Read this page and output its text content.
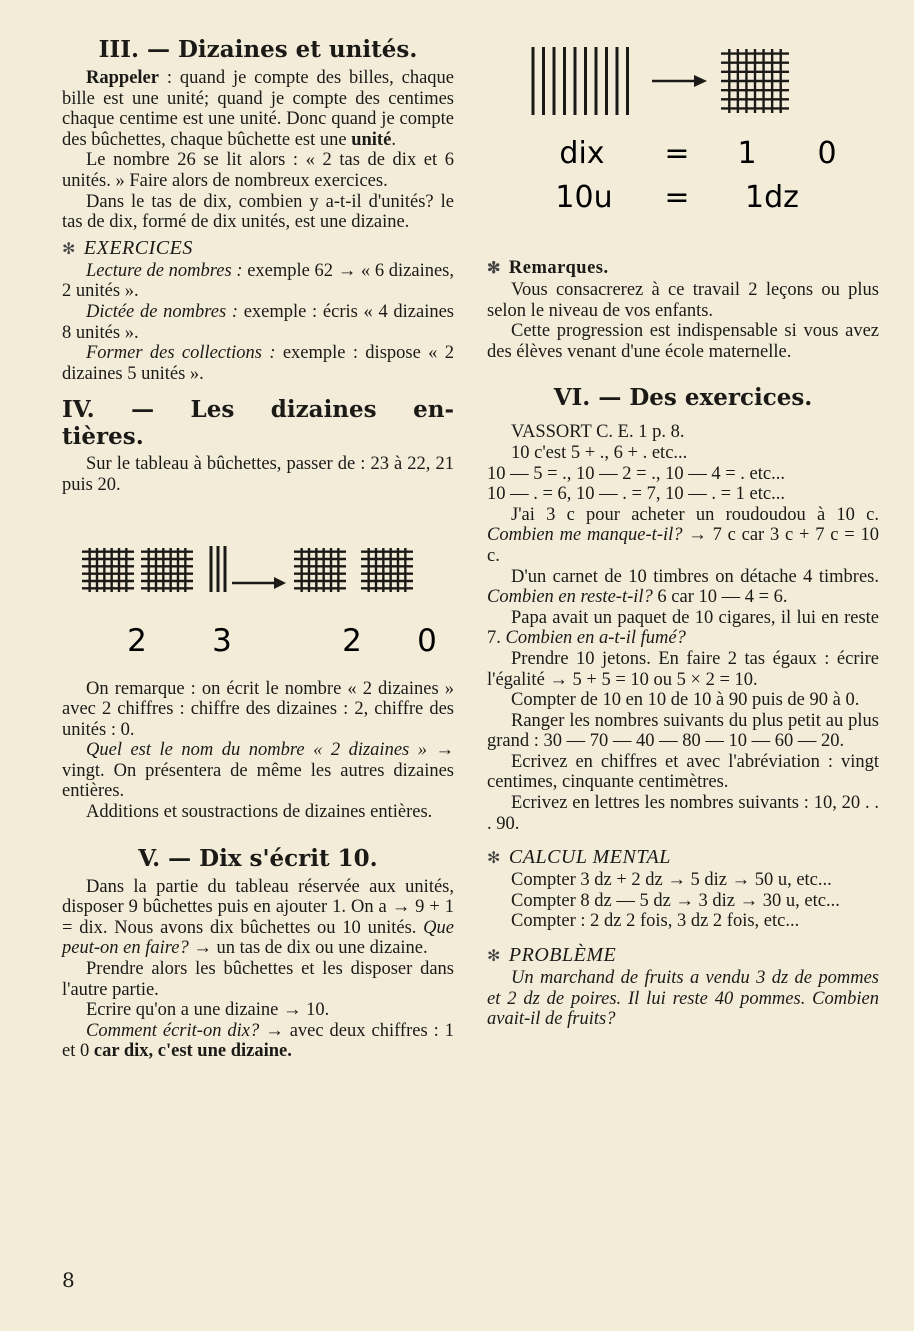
III. — Dizaines et unités.

Rappeler : quand je compte des billes, chaque bille est une unité; quand je compte des centimes chaque centime est une unité. Donc quand je compte des bûchettes, chaque bûchette est une unité.

Le nombre 26 se lit alors : « 2 tas de dix et 6 unités. » Faire alors de nombreux exercices.

Dans le tas de dix, combien y a-t-il d'unités? le tas de dix, formé de dix unités, est une dizaine.

✻ EXERCICES

Lecture de nombres : exemple 62 → « 6 dizaines, 2 unités ».

Dictée de nombres : exemple : écris « 4 dizaines 8 unités ».

Former des collections : exemple : dispose « 2 dizaines 5 unités ».

IV. — Les dizaines en-
tières.

Sur le tableau à bûchettes, passer de : 23 à 22, 21 puis 20.

2 3	2 0

On remarque : on écrit le nombre « 2 dizaines » avec 2 chiffres : chiffre des dizaines : 2, chiffre des unités : 0.

Quel est le nom du nombre « 2 dizaines » → vingt. On présentera de même les autres dizaines entières.

Additions et soustractions de dizaines entières.

V. — Dix s'écrit 10.

Dans la partie du tableau réservée aux unités, disposer 9 bûchettes puis en ajouter 1. On a → 9 + 1 = dix. Nous avons dix bûchettes ou 10 unités. Que peut-on en faire? → un tas de dix ou une dizaine.

Prendre alors les bûchettes et les disposer dans l'autre partie.

Ecrire qu'on a une dizaine → 10.

Comment écrit-on dix? → avec deux chiffres : 1 et 0 car dix, c'est une dizaine.

dix = 1 0
10u = 1dz
✻ Remarques.

Vous consacrerez à ce travail 2 leçons ou plus selon le niveau de vos enfants.

Cette progression est indispensable si vous avez des élèves venant d'une école maternelle.

VI. — Des exercices.

VASSORT C. E. 1 p. 8.

10 c'est 5 + ., 6 + . etc...

10 — 5 = ., 10 — 2 = ., 10 — 4 = . etc...

10 — . = 6, 10 — . = 7, 10 — . = 1 etc...

J'ai 3 c pour acheter un roudoudou à 10 c. Combien me manque-t-il? → 7 c car 3 c + 7 c = 10 c.

D'un carnet de 10 timbres on détache 4 timbres. Combien en reste-t-il? 6 car 10 — 4 = 6.

Papa avait un paquet de 10 cigares, il lui en reste 7. Combien en a-t-il fumé?

Prendre 10 jetons. En faire 2 tas égaux : écrire l'égalité → 5 + 5 = 10 ou 5 × 2 = 10.

Compter de 10 en 10 de 10 à 90 puis de 90 à 0.

Ranger les nombres suivants du plus petit au plus grand : 30 — 70 — 40 — 80 — 10 — 60 — 20.

Ecrivez en chiffres et avec l'abréviation : vingt centimes, cinquante centimètres.

Ecrivez en lettres les nombres suivants : 10, 20 . . . 90.

✻ CALCUL MENTAL

Compter 3 dz + 2 dz → 5 diz → 50 u, etc...

Compter 8 dz — 5 dz → 3 diz → 30 u, etc...

Compter : 2 dz 2 fois, 3 dz 2 fois, etc...

✻ PROBLÈME

Un marchand de fruits a vendu 3 dz de pommes et 2 dz de poires. Il lui reste 40 pommes. Combien avait-il de fruits?

8
